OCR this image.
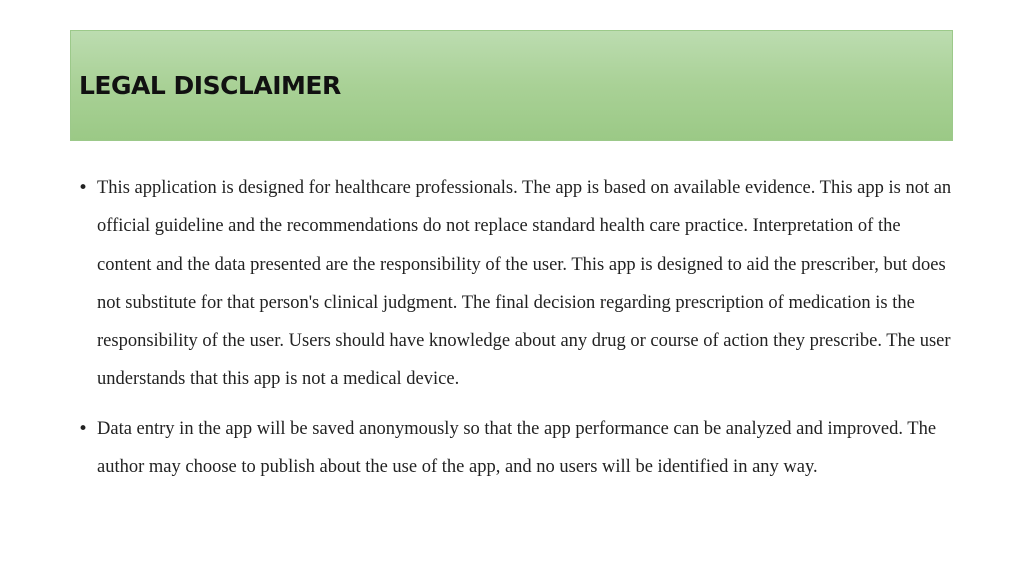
LEGAL DISCLAIMER
• This application is designed for healthcare professionals. The app is based on available evidence. This app is not an official guideline and the recommendations do not replace standard health care practice. Interpretation of the content and the data presented are the responsibility of the user. This app is designed to aid the prescriber, but does not substitute for that person's clinical judgment. The final decision regarding prescription of medication is the responsibility of the user. Users should have knowledge about any drug or course of action they prescribe. The user understands that this app is not a medical device.
• Data entry in the app will be saved anonymously so that the app performance can be analyzed and improved. The author may choose to publish about the use of the app, and no users will be identified in any way.
